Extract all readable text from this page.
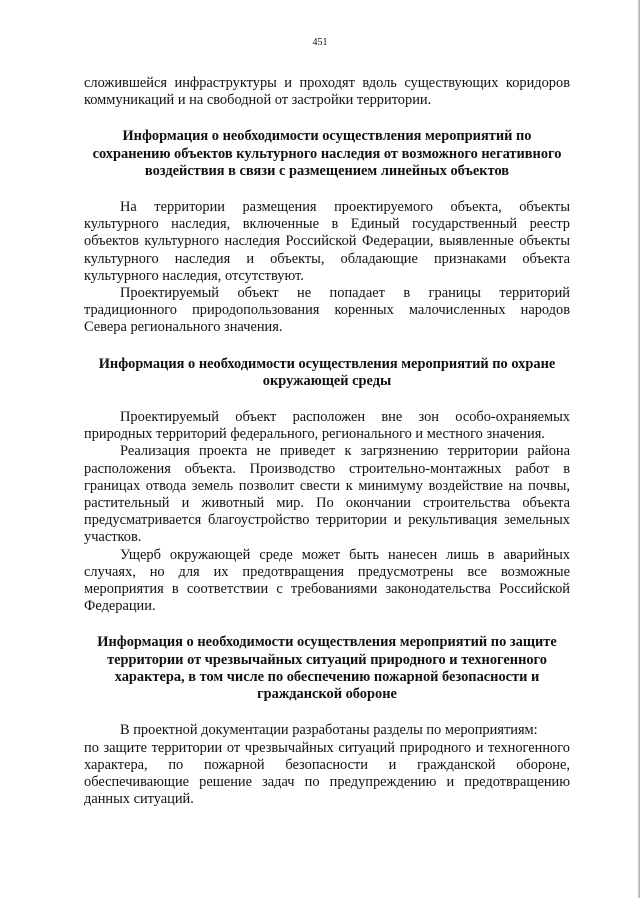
451

сложившейся инфраструктуры и проходят вдоль существующих коридоров коммуникаций и на свободной от застройки территории.

Информация о необходимости осуществления мероприятий по сохранению объектов культурного наследия от возможного негативного воздействия в связи с размещением линейных объектов

На территории размещения проектируемого объекта, объекты культурного наследия, включенные в Единый государственный реестр объектов культурного наследия Российской Федерации, выявленные объекты культурного наследия и объекты, обладающие признаками объекта культурного наследия, отсутствуют.

Проектируемый объект не попадает в границы территорий традиционного природопользования коренных малочисленных народов Севера регионального значения.

Информация о необходимости осуществления мероприятий по охране окружающей среды

Проектируемый объект расположен вне зон особо-охраняемых природных территорий федерального, регионального и местного значения.

Реализация проекта не приведет к загрязнению территории района расположения объекта. Производство строительно-монтажных работ в границах отвода земель позволит свести к минимуму воздействие на почвы, растительный и животный мир. По окончании строительства объекта предусматривается благоустройство территории и рекультивация земельных участков.

Ущерб окружающей среде может быть нанесен лишь в аварийных случаях, но для их предотвращения предусмотрены все возможные мероприятия в соответствии с требованиями законодательства Российской Федерации.

Информация о необходимости осуществления мероприятий по защите территории от чрезвычайных ситуаций природного и техногенного характера, в том числе по обеспечению пожарной безопасности и гражданской обороне

В проектной документации разработаны разделы по мероприятиям:

по защите территории от чрезвычайных ситуаций природного и техногенного характера, по пожарной безопасности и гражданской обороне, обеспечивающие решение задач по предупреждению и предотвращению данных ситуаций.
